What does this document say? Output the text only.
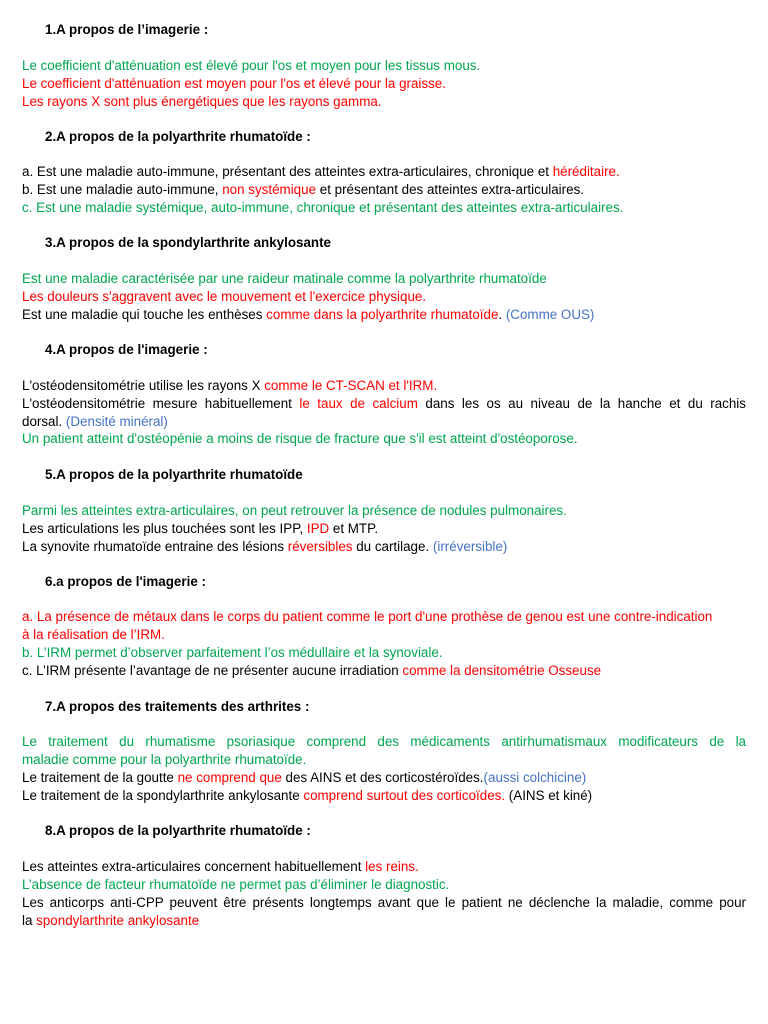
1.A propos de l’imagerie :
Le coefficient d'atténuation est élevé pour l'os et moyen pour les tissus mous.
Le coefficient d'atténuation est moyen pour l'os et élevé pour la graisse.
Les rayons X sont plus énergétiques que les rayons gamma.
2.A propos de la polyarthrite rhumatoïde :
a. Est une maladie auto-immune, présentant des atteintes extra-articulaires, chronique et héréditaire.
b. Est une maladie auto-immune, non systémique et présentant des atteintes extra-articulaires.
c. Est une maladie systémique, auto-immune, chronique et présentant des atteintes extra-articulaires.
3.A propos de la spondylarthrite ankylosante
Est une maladie caractérisée par une raideur matinale comme la polyarthrite rhumatoïde
Les douleurs s'aggravent avec le mouvement et l'exercice physique.
Est une maladie qui touche les enthèses comme dans la polyarthrite rhumatoïde. (Comme OUS)
4.A propos de l'imagerie :
L'ostéodensitométrie utilise les rayons X comme le CT-SCAN et l'IRM.
L'ostéodensitométrie mesure habituellement le taux de calcium dans les os au niveau de la hanche et du rachis
dorsal. (Densité minéral)
Un patient atteint d'ostéopénie a moins de risque de fracture que s'il est atteint d'ostéoporose.
5.A propos de la polyarthrite rhumatoïde
Parmi les atteintes extra-articulaires, on peut retrouver la présence de nodules pulmonaires.
Les articulations les plus touchées sont les IPP, IPD et MTP.
La synovite rhumatoïde entraine des lésions réversibles du cartilage. (irréversible)
6.a propos de l'imagerie :
a. La présence de métaux dans le corps du patient comme le port d'une prothèse de genou est une contre-indication
à la réalisation de l’IRM.
b. L’IRM permet d’observer parfaitement l’os médullaire et la synoviale.
c. L’IRM présente l’avantage de ne présenter aucune irradiation comme la densitométrie Osseuse
7.A propos des traitements des arthrites :
Le traitement du rhumatisme psoriasique comprend des médicaments antirhumatismaux modificateurs de la
maladie comme pour la polyarthrite rhumatoïde.
Le traitement de la goutte ne comprend que des AINS et des corticostéroïdes.(aussi colchicine)
Le traitement de la spondylarthrite ankylosante comprend surtout des corticoïdes. (AINS et kiné)
8.A propos de la polyarthrite rhumatoïde :
Les atteintes extra-articulaires concernent habituellement les reins.
L’absence de facteur rhumatoïde ne permet pas d’éliminer le diagnostic.
Les anticorps anti-CPP peuvent être présents longtemps avant que le patient ne déclenche la maladie, comme pour
la spondylarthrite ankylosante
